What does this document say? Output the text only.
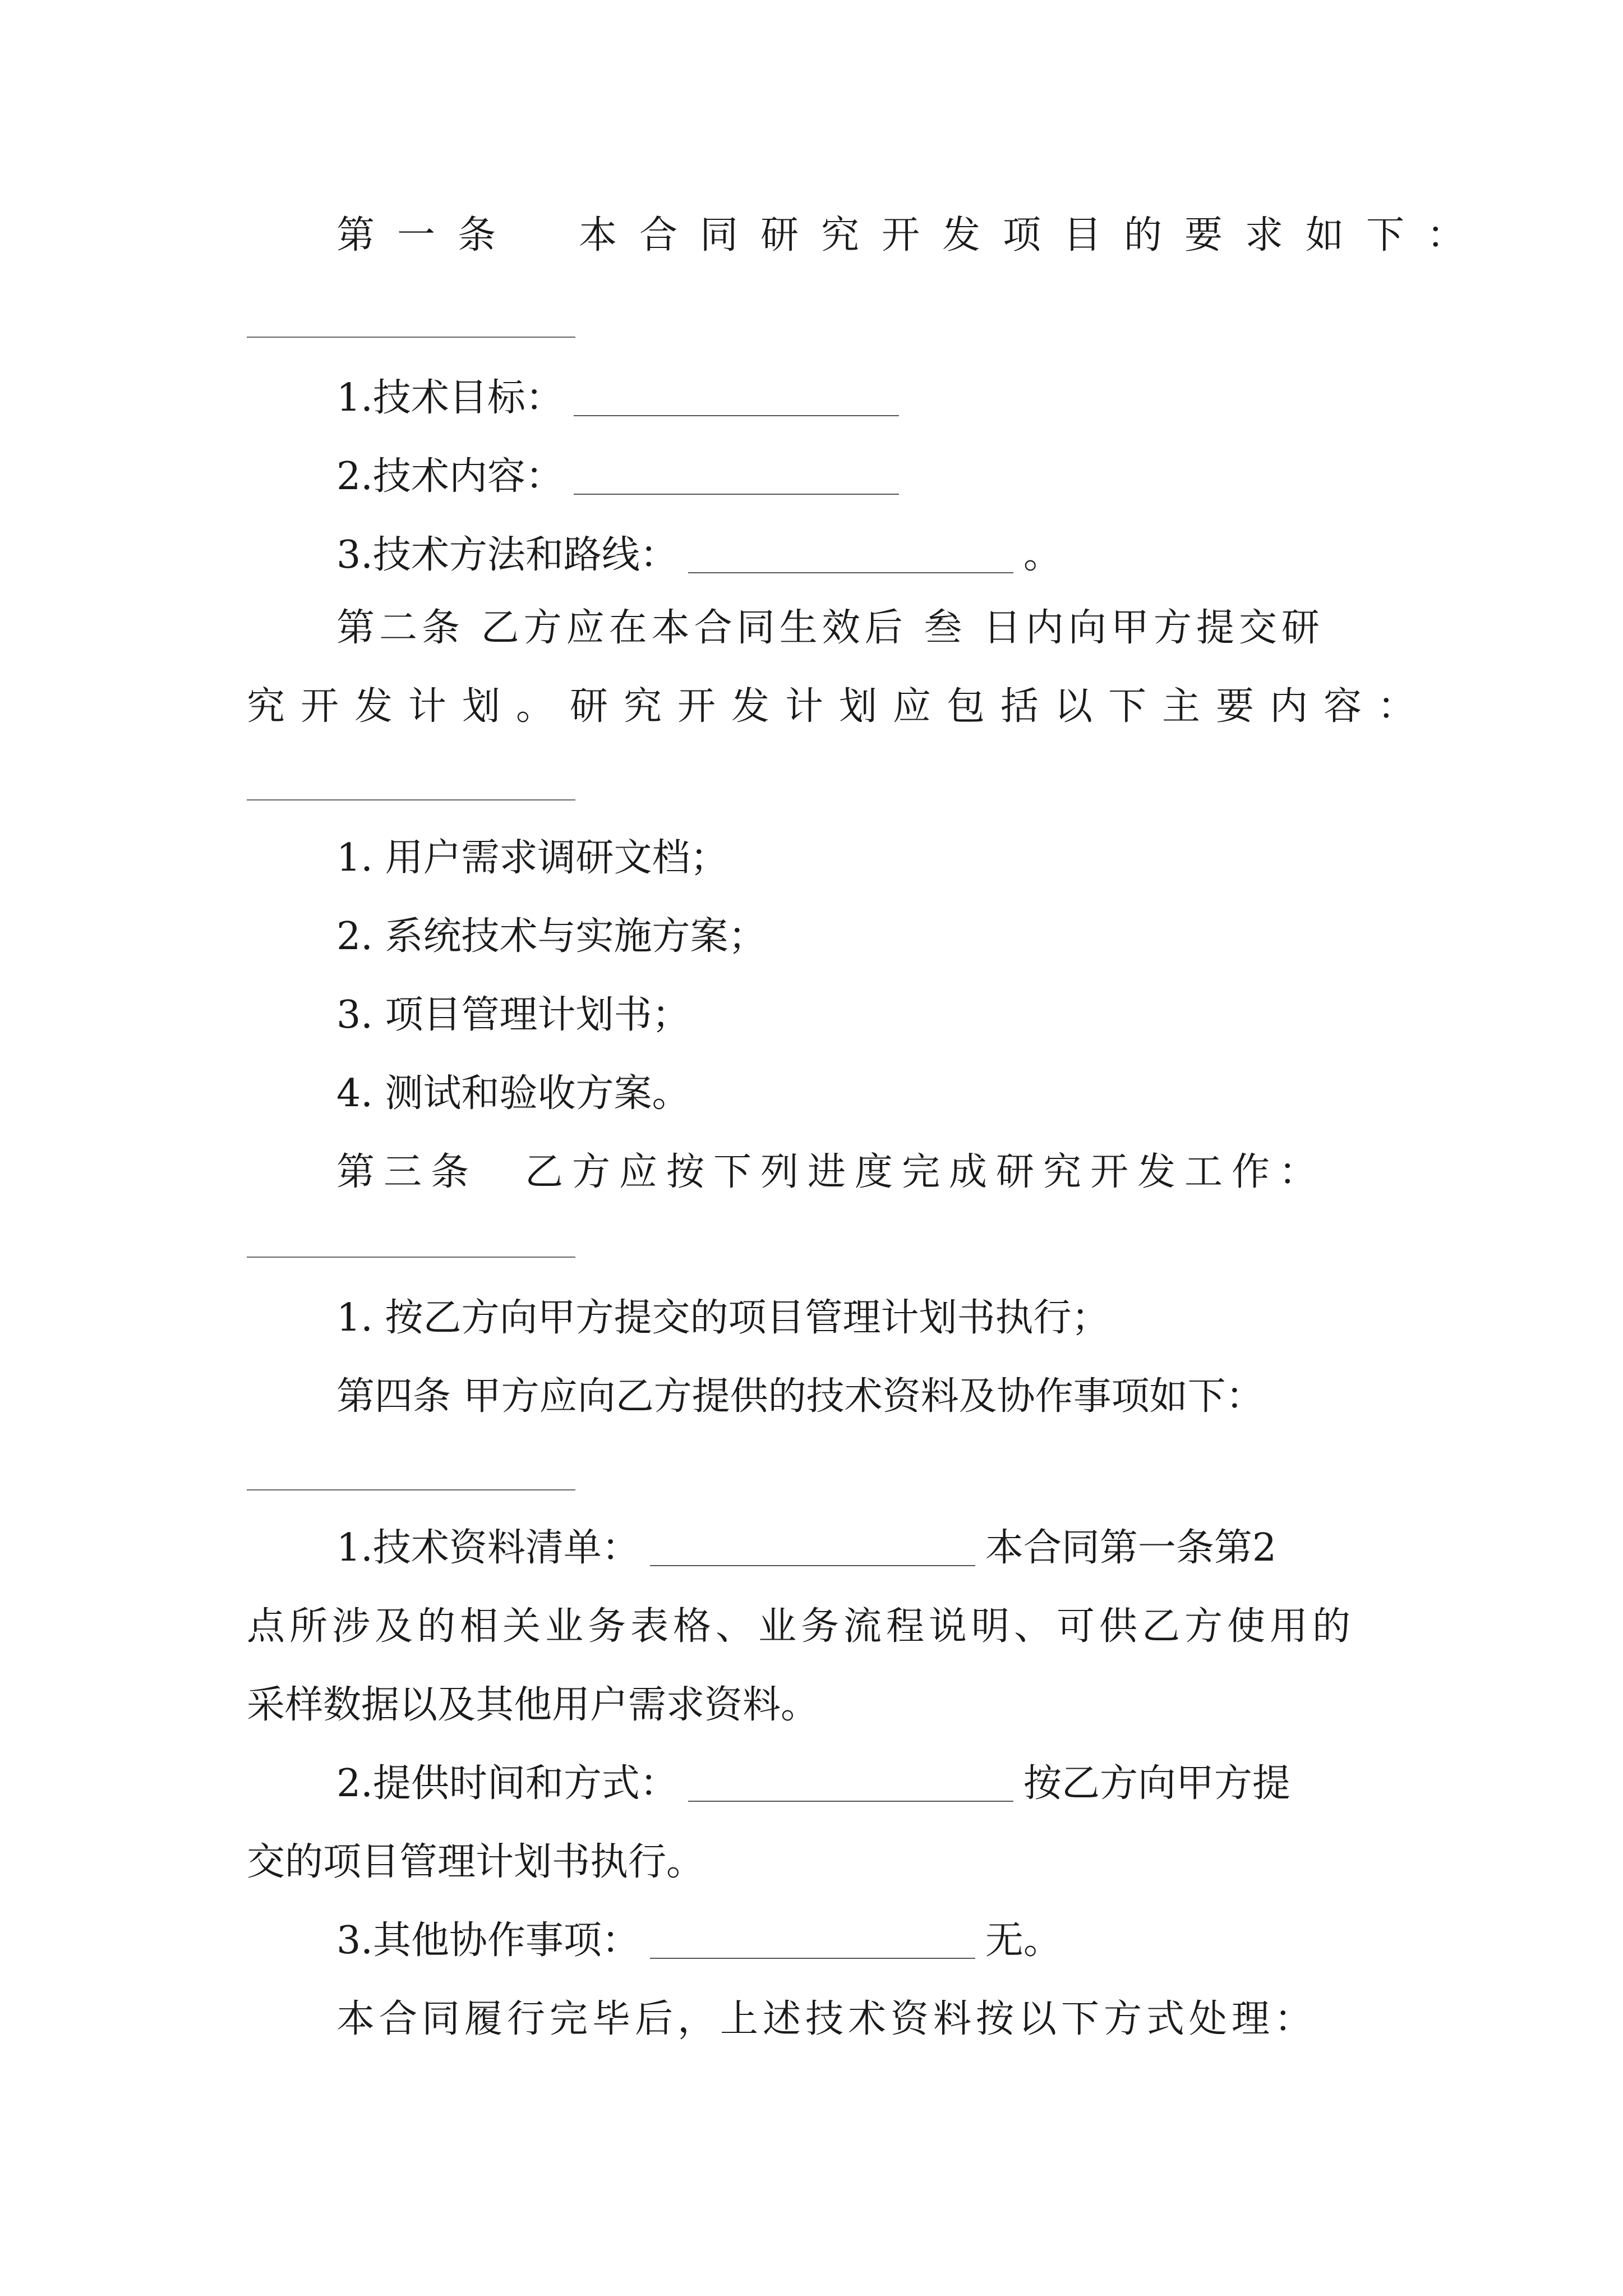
第一条　本合同研究开发项目的要求如下：
1.技术目标：
2.技术内容：
3.技术方法和路线：	。
第二条 乙方应在本合同生效后 叁 日内向甲方提交研
究开发计划。研究开发计划应包括以下主要内容：
1. 用户需求调研文档；
2. 系统技术与实施方案；
3. 项目管理计划书；
4. 测试和验收方案。
第三条　乙方应按下列进度完成研究开发工作：
1. 按乙方向甲方提交的项目管理计划书执行；
第四条 甲方应向乙方提供的技术资料及协作事项如下：
1.技术资料清单：	本合同第一条第2
点所涉及的相关业务表格、业务流程说明、可供乙方使用的
采样数据以及其他用户需求资料。
2.提供时间和方式：	按乙方向甲方提
交的项目管理计划书执行。
3.其他协作事项：	无。
本合同履行完毕后，上述技术资料按以下方式处理：
